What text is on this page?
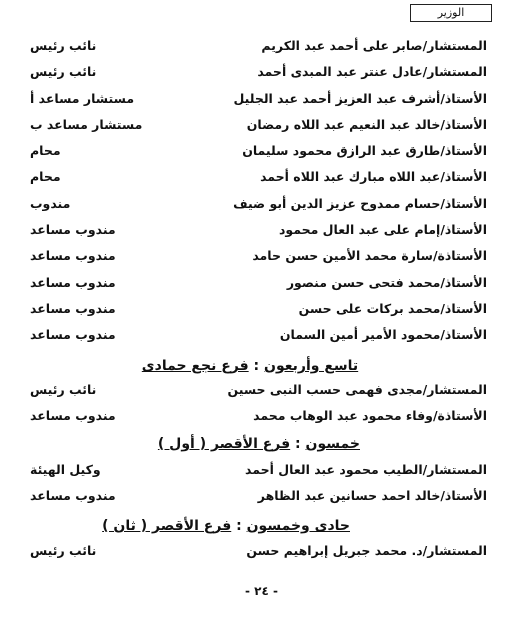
الوزير
المستشار/صابر على أحمد عبد الكريم
نائب رئيس
المستشار/عادل عنتر عبد المبدى أحمد
نائب رئيس
الأستاذ/أشرف عبد العزيز أحمد عبد الجليل
مستشار مساعد أ
الأستاذ/خالد عبد النعيم عبد اللاه رمضان
مستشار مساعد ب
الأستاذ/طارق عبد الرازق محمود سليمان
محام
الأستاذ/عبد اللاه مبارك عبد اللاه أحمد
محام
الأستاذ/حسام ممدوح عزيز الدين أبو ضيف
مندوب
الأستاذ/إمام على عبد العال محمود
مندوب مساعد
الأستاذة/سارة محمد الأمين حسن حامد
مندوب مساعد
الأستاذ/محمد فتحى حسن منصور
مندوب مساعد
الأستاذ/محمد بركات على حسن
مندوب مساعد
الأستاذ/محمود الأمير أمين السمان
مندوب مساعد
تاسع وأربعون : فرع نجع حمادى
المستشار/مجدى فهمى حسب النبى حسين
نائب رئيس
الأستاذة/وفاء محمود عبد الوهاب محمد
مندوب مساعد
خمسون : فرع الأقصر ( أول )
المستشار/الطيب محمود عبد العال أحمد
وكيل الهيئة
الأستاذ/خالد احمد حسانين عبد الظاهر
مندوب مساعد
حادى وخمسون : فرع الأقصر ( ثان )
المستشار/د. محمد جبريل إبراهيم حسن
نائب رئيس
- ٢٤ -
